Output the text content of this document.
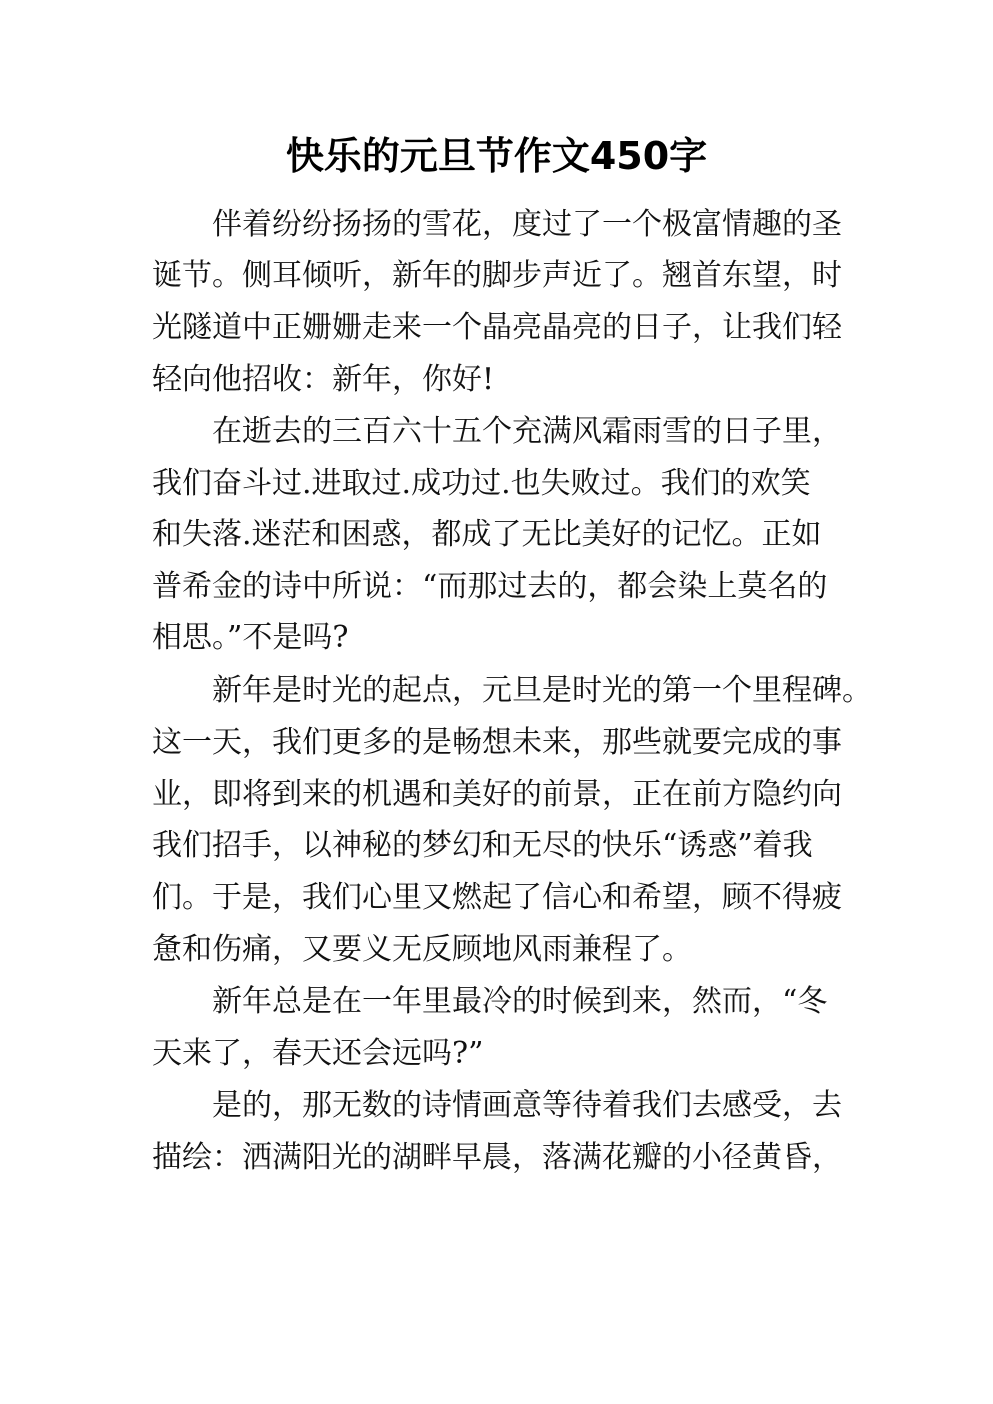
快乐的元旦节作文450字

伴着纷纷扬扬的雪花，度过了一个极富情趣的圣

诞节。侧耳倾听，新年的脚步声近了。翘首东望，时

光隧道中正姗姗走来一个晶亮晶亮的日子，让我们轻

轻向他招收：新年，你好!

在逝去的三百六十五个充满风霜雨雪的日子里，

我们奋斗过.进取过.成功过.也失败过。我们的欢笑

和失落.迷茫和困惑，都成了无比美好的记忆。正如

普希金的诗中所说：“而那过去的，都会染上莫名的

相思。”不是吗?

新年是时光的起点，元旦是时光的第一个里程碑。

这一天，我们更多的是畅想未来，那些就要完成的事

业，即将到来的机遇和美好的前景，正在前方隐约向

我们招手，以神秘的梦幻和无尽的快乐“诱惑”着我

们。于是，我们心里又燃起了信心和希望，顾不得疲

惫和伤痛，又要义无反顾地风雨兼程了。

新年总是在一年里最冷的时候到来，然而，“冬

天来了，春天还会远吗?”

是的，那无数的诗情画意等待着我们去感受，去

描绘：洒满阳光的湖畔早晨，落满花瓣的小径黄昏，
